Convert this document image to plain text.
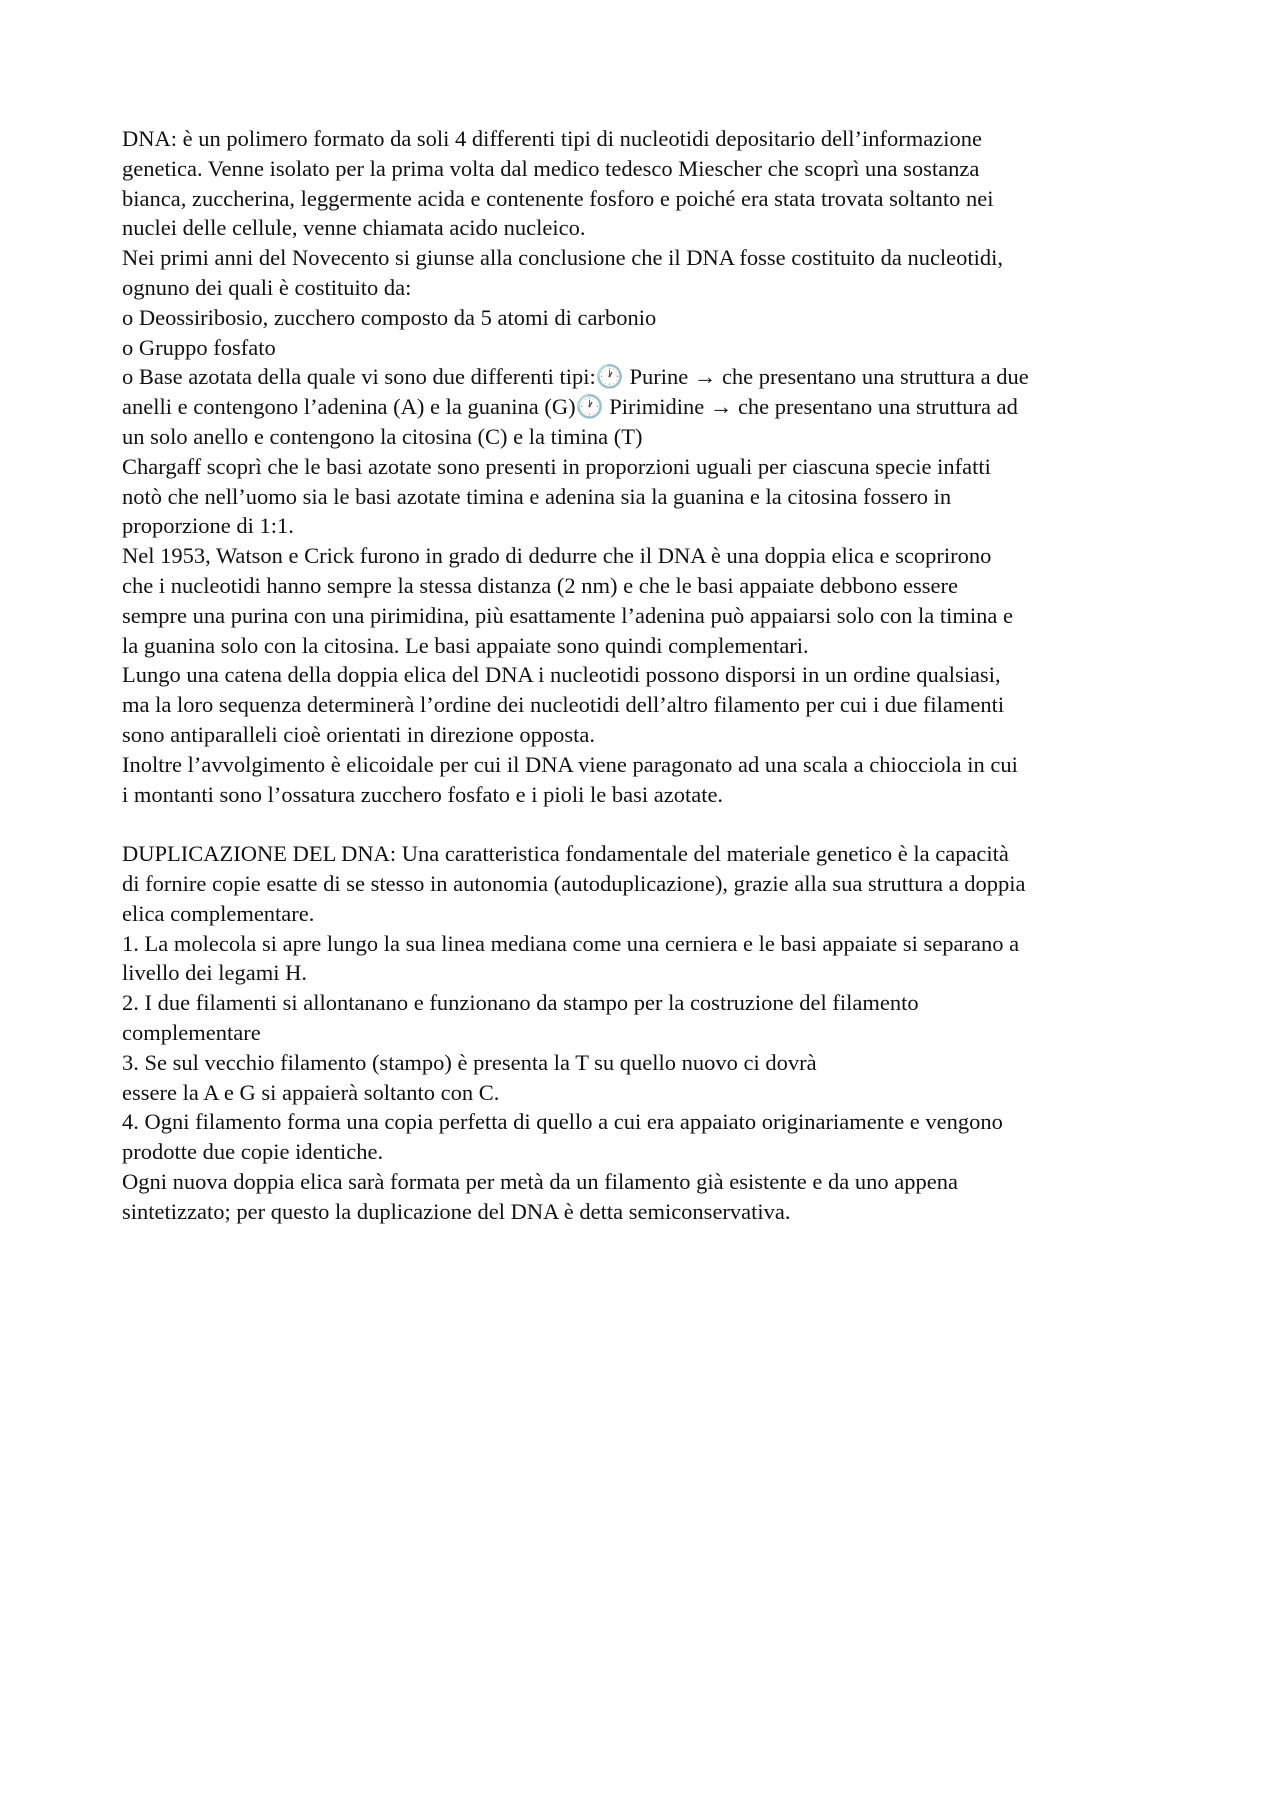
DNA: è un polimero formato da soli 4 differenti tipi di nucleotidi depositario dell’informazione
genetica. Venne isolato per la prima volta dal medico tedesco Miescher che scoprì una sostanza
bianca, zuccherina, leggermente acida e contenente fosforo e poiché era stata trovata soltanto nei
nuclei delle cellule, venne chiamata acido nucleico.
Nei primi anni del Novecento si giunse alla conclusione che il DNA fosse costituito da nucleotidi,
ognuno dei quali è costituito da:
o Deossiribosio, zucchero composto da 5 atomi di carbonio
o Gruppo fosfato
o Base azotata della quale vi sono due differenti tipi:🕐 Purine → che presentano una struttura a due
anelli e contengono l’adenina (A) e la guanina (G)🕐 Pirimidine → che presentano una struttura ad
un solo anello e contengono la citosina (C) e la timina (T)
Chargaff scoprì che le basi azotate sono presenti in proporzioni uguali per ciascuna specie infatti
notò che nell’uomo sia le basi azotate timina e adenina sia la guanina e la citosina fossero in
proporzione di 1:1.
Nel 1953, Watson e Crick furono in grado di dedurre che il DNA è una doppia elica e scoprirono
che i nucleotidi hanno sempre la stessa distanza (2 nm) e che le basi appaiate debbono essere
sempre una purina con una pirimidina, più esattamente l’adenina può appaiarsi solo con la timina e
la guanina solo con la citosina. Le basi appaiate sono quindi complementari.
Lungo una catena della doppia elica del DNA i nucleotidi possono disporsi in un ordine qualsiasi,
ma la loro sequenza determinerà l’ordine dei nucleotidi dell’altro filamento per cui i due filamenti
sono antiparalleli cioè orientati in direzione opposta.
Inoltre l’avvolgimento è elicoidale per cui il DNA viene paragonato ad una scala a chiocciola in cui
i montanti sono l’ossatura zucchero fosfato e i pioli le basi azotate.
DUPLICAZIONE DEL DNA: Una caratteristica fondamentale del materiale genetico è la capacità
di fornire copie esatte di se stesso in autonomia (autoduplicazione), grazie alla sua struttura a doppia
elica complementare.
1. La molecola si apre lungo la sua linea mediana come una cerniera e le basi appaiate si separano a
livello dei legami H.
2. I due filamenti si allontanano e funzionano da stampo per la costruzione del filamento
complementare
3. Se sul vecchio filamento (stampo) è presenta la T su quello nuovo ci dovrà
essere la A e G si appaierà soltanto con C.
4. Ogni filamento forma una copia perfetta di quello a cui era appaiato originariamente e vengono
prodotte due copie identiche.
Ogni nuova doppia elica sarà formata per metà da un filamento già esistente e da uno appena
sintetizzato; per questo la duplicazione del DNA è detta semiconservativa.
